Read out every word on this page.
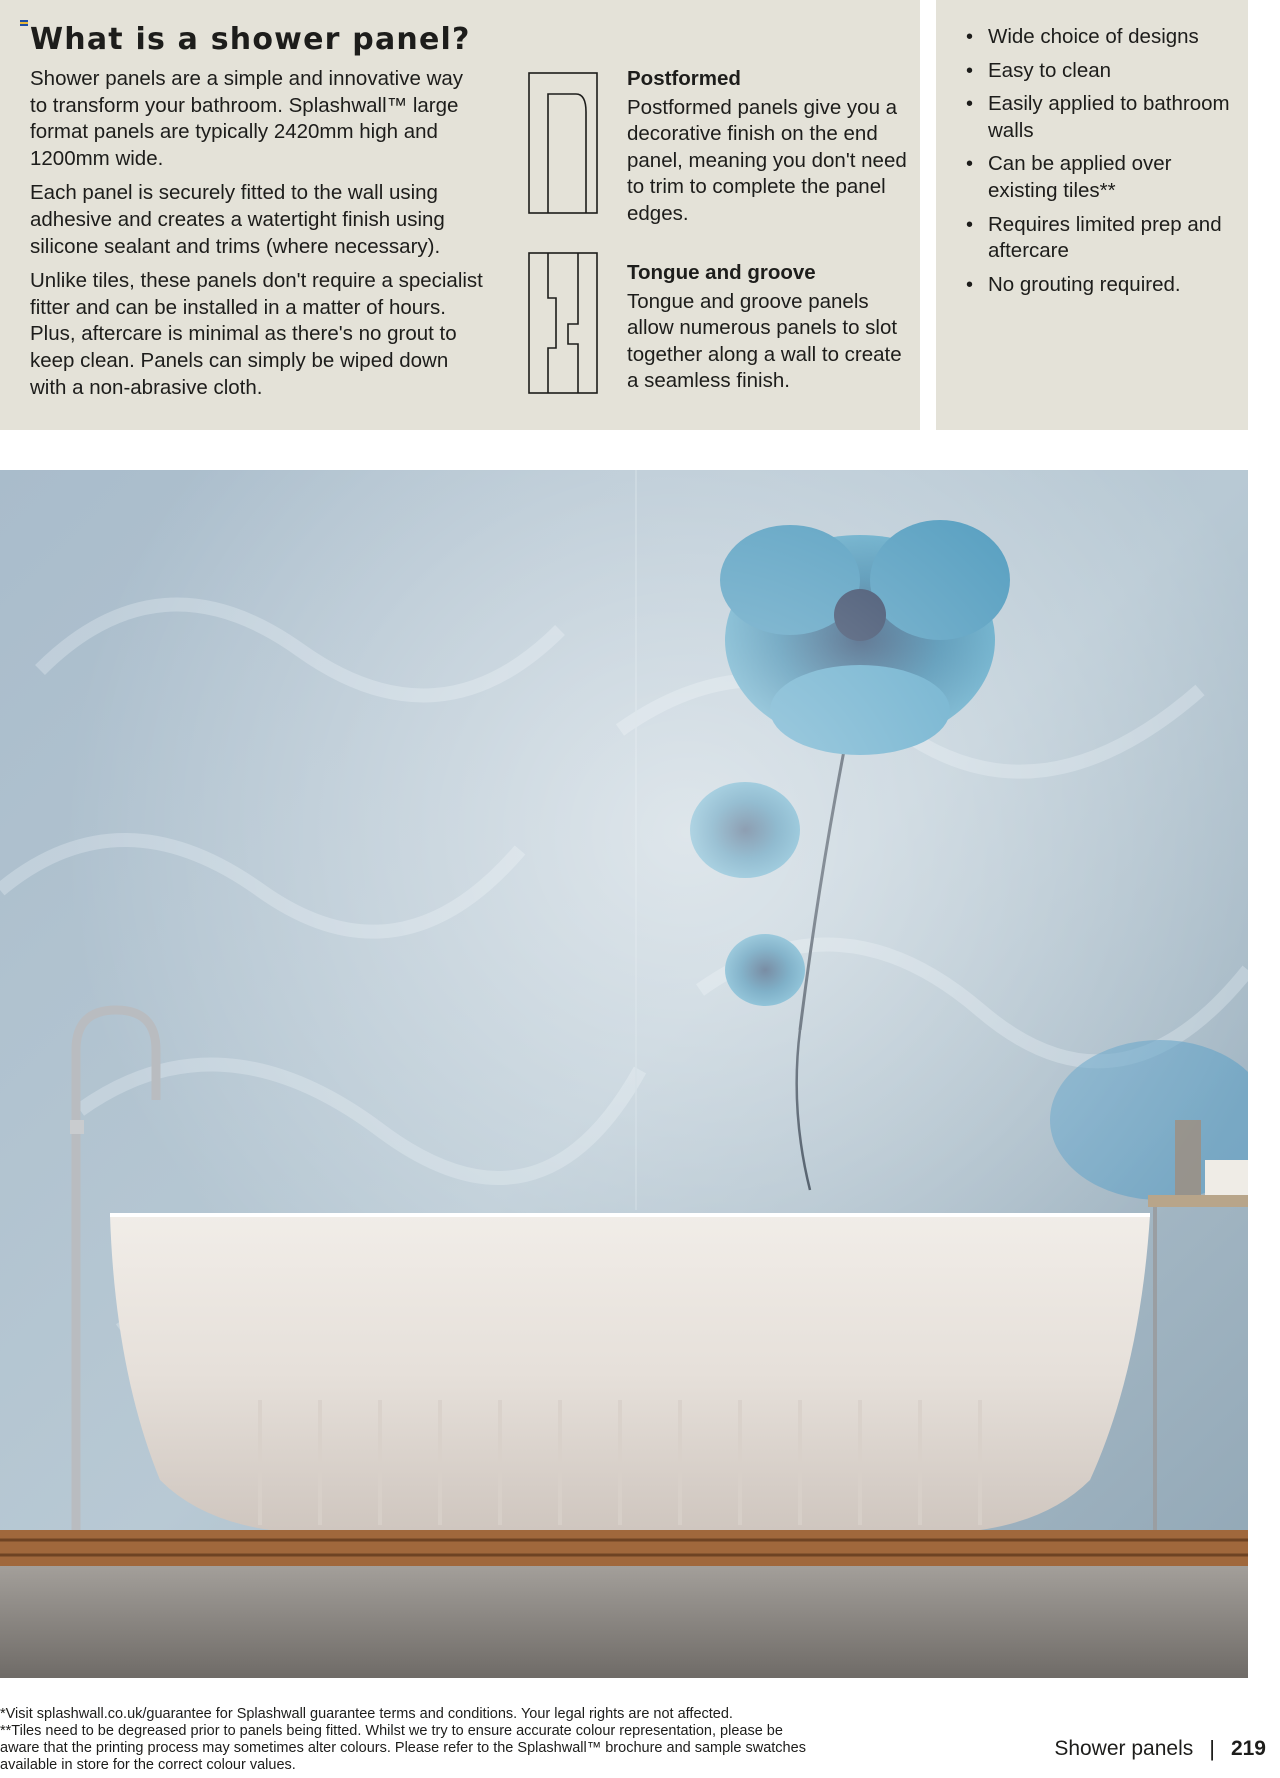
What is a shower panel?

Shower panels are a simple and innovative way to transform your bathroom. Splashwall™ large format panels are typically 2420mm high and 1200mm wide.

Each panel is securely fitted to the wall using adhesive and creates a watertight finish using silicone sealant and trims (where necessary).

Unlike tiles, these panels don't require a specialist fitter and can be installed in a matter of hours. Plus, aftercare is minimal as there's no grout to keep clean. Panels can simply be wiped down with a non-abrasive cloth.

Postformed

Postformed panels give you a decorative finish on the end panel, meaning you don't need to trim to complete the panel edges.

Tongue and groove

Tongue and groove panels allow numerous panels to slot together along a wall to create a seamless finish.

• Wide choice of designs
• Easy to clean
• Easily applied to bathroom walls
• Can be applied over existing tiles**
• Requires limited prep and aftercare
• No grouting required.

*Visit splashwall.co.uk/guarantee for Splashwall guarantee terms and conditions. Your legal rights are not affected.

**Tiles need to be degreased prior to panels being fitted. Whilst we try to ensure accurate colour representation, please be aware that the printing process may sometimes alter colours. Please refer to the Splashwall™ brochure and sample swatches available in store for the correct colour values.

Shower panels | 219
